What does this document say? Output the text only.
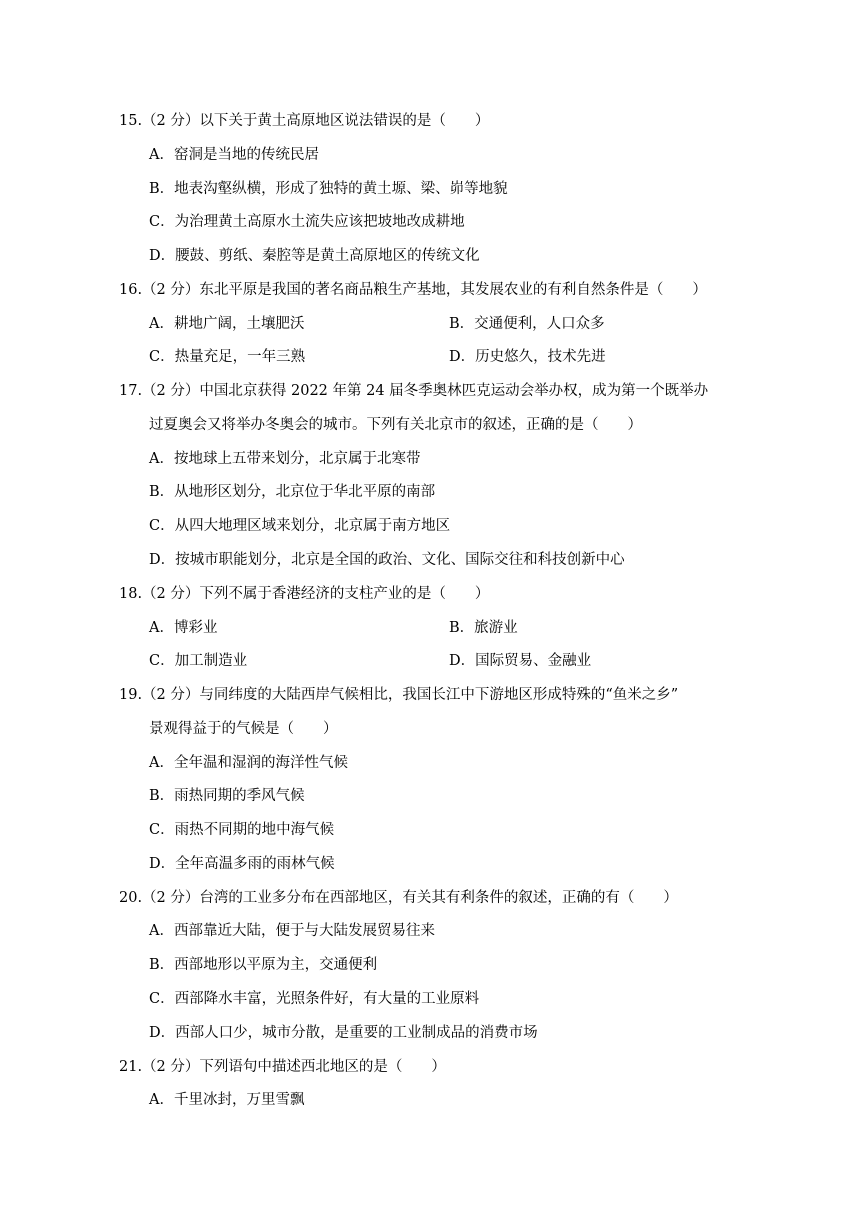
15.（2 分）以下关于黄土高原地区说法错误的是（　　）
A．窑洞是当地的传统民居
B．地表沟壑纵横，形成了独特的黄土塬、梁、峁等地貌
C．为治理黄土高原水土流失应该把坡地改成耕地
D．腰鼓、剪纸、秦腔等是黄土高原地区的传统文化
16.（2 分）东北平原是我国的著名商品粮生产基地，其发展农业的有利自然条件是（　　）
A．耕地广阔，土壤肥沃	B．交通便利，人口众多
C．热量充足，一年三熟	D．历史悠久，技术先进
17.（2 分）中国北京获得 2022 年第 24 届冬季奥林匹克运动会举办权，成为第一个既举办
过夏奥会又将举办冬奥会的城市。下列有关北京市的叙述，正确的是（　　）
A．按地球上五带来划分，北京属于北寒带
B．从地形区划分，北京位于华北平原的南部
C．从四大地理区域来划分，北京属于南方地区
D．按城市职能划分，北京是全国的政治、文化、国际交往和科技创新中心
18.（2 分）下列不属于香港经济的支柱产业的是（　　）
A．博彩业	B．旅游业
C．加工制造业	D．国际贸易、金融业
19.（2 分）与同纬度的大陆西岸气候相比，我国长江中下游地区形成特殊的“鱼米之乡”
景观得益于的气候是（　　）
A．全年温和湿润的海洋性气候
B．雨热同期的季风气候
C．雨热不同期的地中海气候
D．全年高温多雨的雨林气候
20.（2 分）台湾的工业多分布在西部地区，有关其有利条件的叙述，正确的有（　　）
A．西部靠近大陆，便于与大陆发展贸易往来
B．西部地形以平原为主，交通便利
C．西部降水丰富，光照条件好，有大量的工业原料
D．西部人口少，城市分散，是重要的工业制成品的消费市场
21.（2 分）下列语句中描述西北地区的是（　　）
A．千里冰封，万里雪飘
